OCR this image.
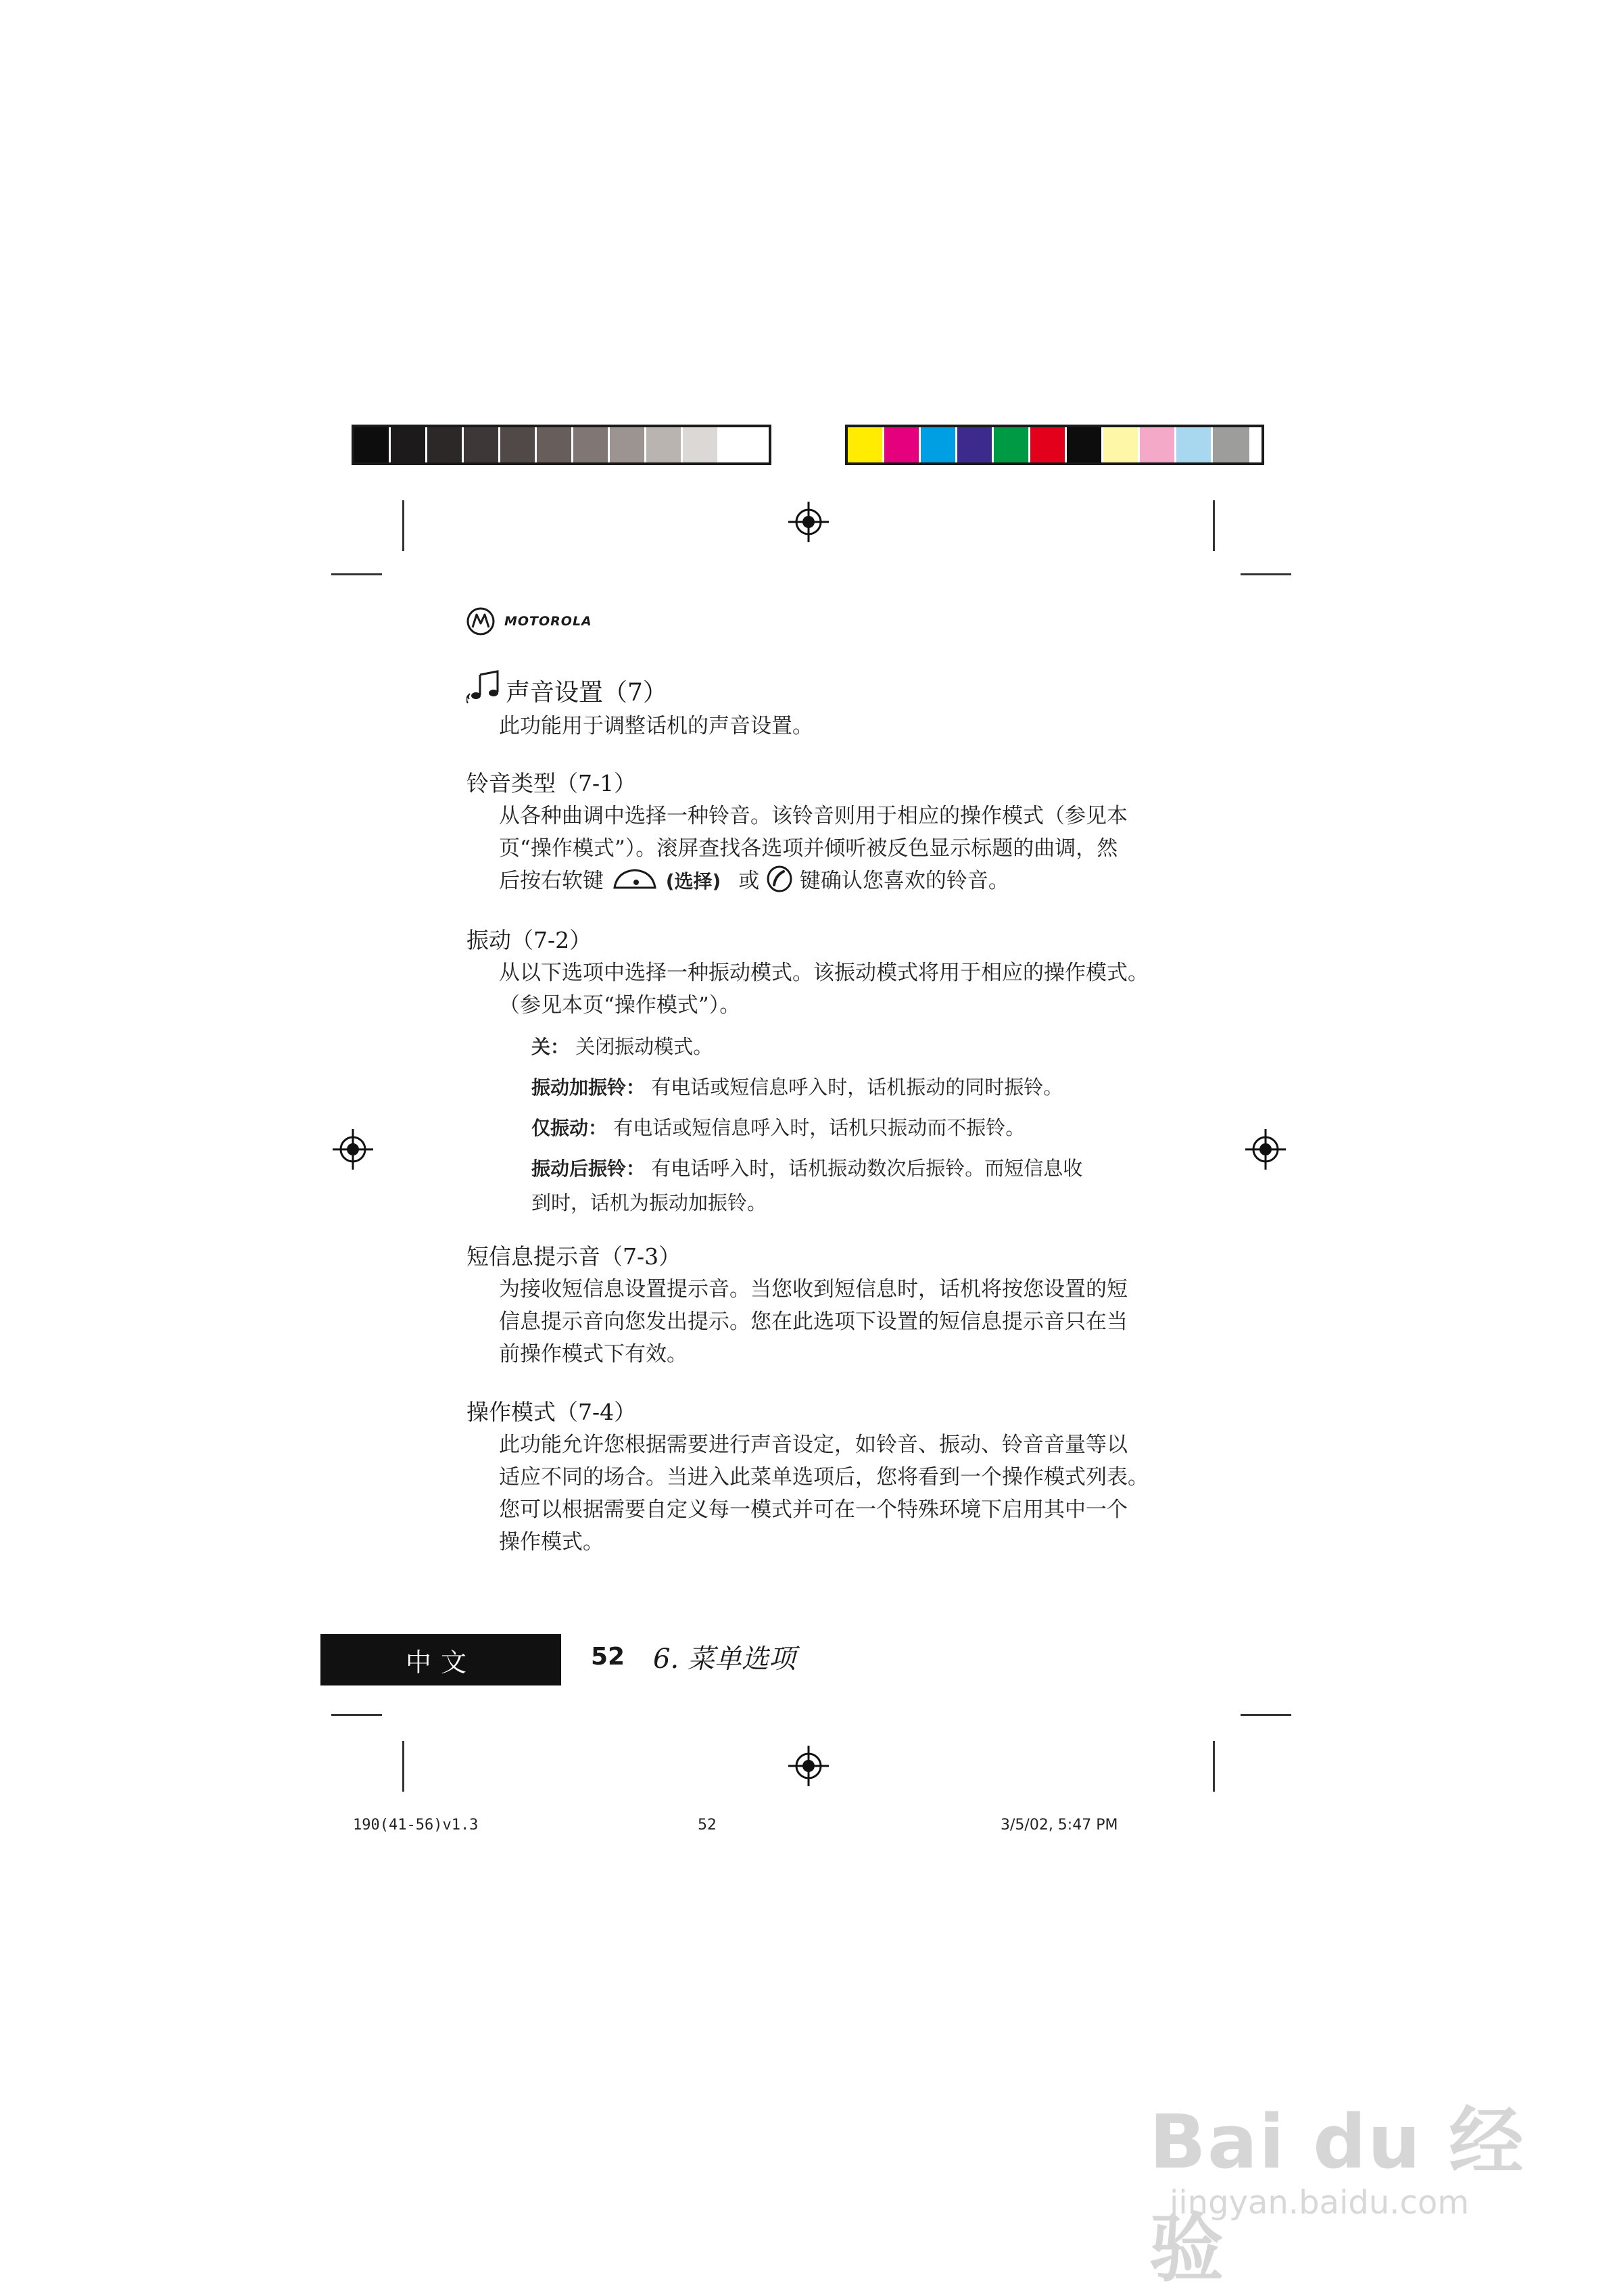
MOTOROLA
声音设置（7）
此功能用于调整话机的声音设置。
铃音类型（7-1）
从各种曲调中选择一种铃音。该铃音则用于相应的操作模式（参见本
页“操作模式”）。滚屏查找各选项并倾听被反色显示标题的曲调，然
后按右软键	(选择) 或 键确认您喜欢的铃音。
振动（7-2）
从以下选项中选择一种振动模式。该振动模式将用于相应的操作模式。
（参见本页“操作模式”）。
关： 关闭振动模式。
振动加振铃： 有电话或短信息呼入时，话机振动的同时振铃。
仅振动： 有电话或短信息呼入时，话机只振动而不振铃。
振动后振铃： 有电话呼入时，话机振动数次后振铃。而短信息收
到时，话机为振动加振铃。
短信息提示音（7-3）
为接收短信息设置提示音。当您收到短信息时，话机将按您设置的短
信息提示音向您发出提示。您在此选项下设置的短信息提示音只在当
前操作模式下有效。
操作模式（7-4）
此功能允许您根据需要进行声音设定，如铃音、振动、铃音音量等以
适应不同的场合。当进入此菜单选项后，您将看到一个操作模式列表。
您可以根据需要自定义每一模式并可在一个特殊环境下启用其中一个
操作模式。
中文	52 6. 菜单选项
190(41-56)v1.3	52	3/5/02, 5:47 PM
Bai du 经验
jingyan.baidu.com
